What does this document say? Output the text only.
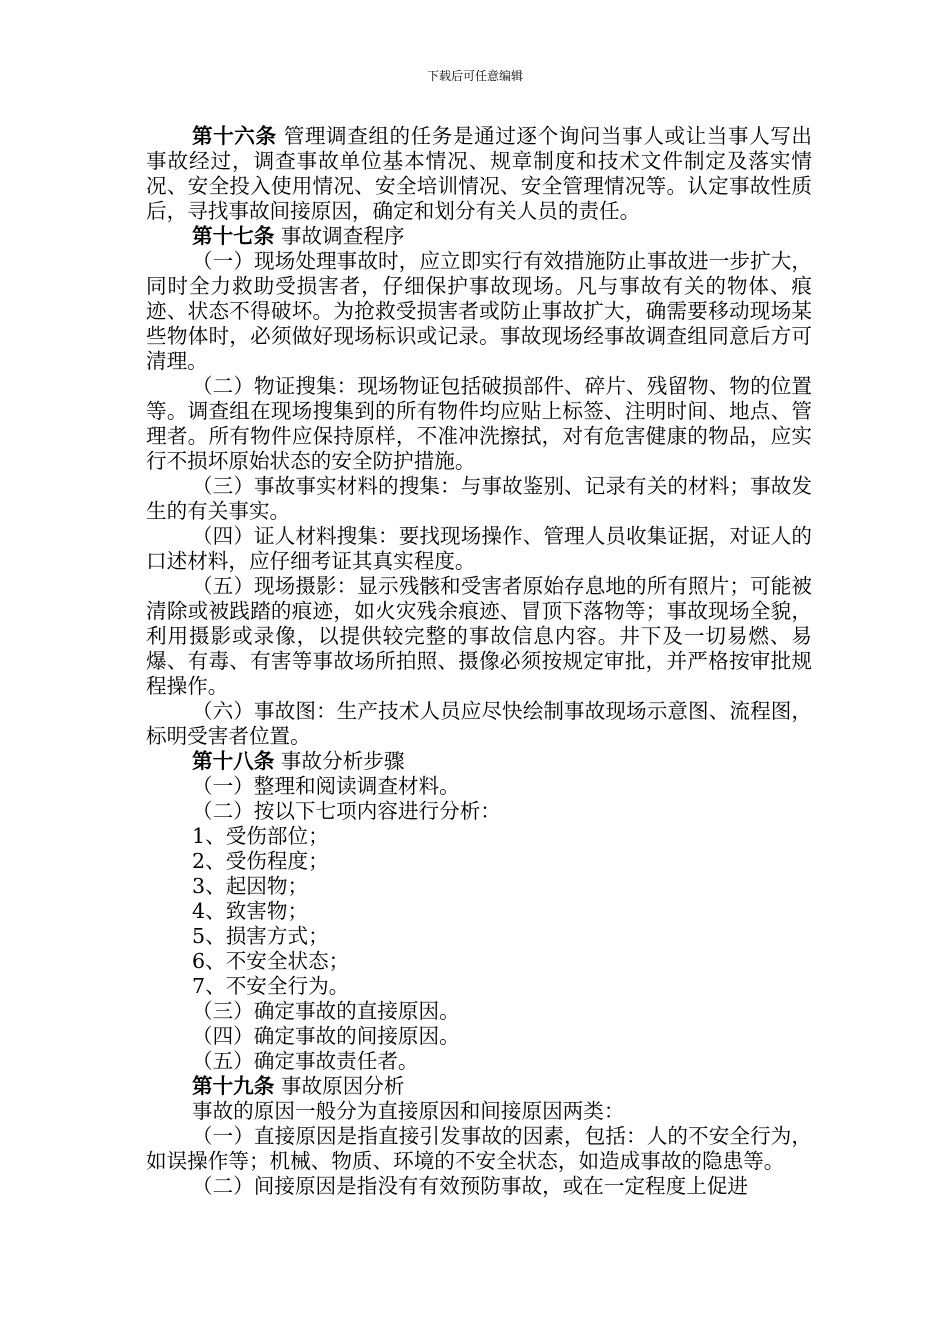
下载后可任意编辑

第十六条 管理调查组的任务是通过逐个询问当事人或让当事人写出事故经过，调查事故单位基本情况、规章制度和技术文件制定及落实情况、安全投入使用情况、安全培训情况、安全管理情况等。认定事故性质后，寻找事故间接原因，确定和划分有关人员的责任。

第十七条 事故调查程序

（一）现场处理事故时，应立即实行有效措施防止事故进一步扩大，同时全力救助受损害者，仔细保护事故现场。凡与事故有关的物体、痕迹、状态不得破坏。为抢救受损害者或防止事故扩大，确需要移动现场某些物体时，必须做好现场标识或记录。事故现场经事故调查组同意后方可清理。

（二）物证搜集：现场物证包括破损部件、碎片、残留物、物的位置等。调查组在现场搜集到的所有物件均应贴上标签、注明时间、地点、管理者。所有物件应保持原样，不准冲洗擦拭，对有危害健康的物品，应实行不损坏原始状态的安全防护措施。

（三）事故事实材料的搜集：与事故鉴别、记录有关的材料；事故发生的有关事实。

（四）证人材料搜集：要找现场操作、管理人员收集证据，对证人的口述材料，应仔细考证其真实程度。

（五）现场摄影：显示残骸和受害者原始存息地的所有照片；可能被清除或被践踏的痕迹，如火灾残余痕迹、冒顶下落物等；事故现场全貌，利用摄影或录像，以提供较完整的事故信息内容。井下及一切易燃、易爆、有毒、有害等事故场所拍照、摄像必须按规定审批，并严格按审批规程操作。

（六）事故图：生产技术人员应尽快绘制事故现场示意图、流程图，标明受害者位置。

第十八条 事故分析步骤

（一）整理和阅读调查材料。

（二）按以下七项内容进行分析：

1、受伤部位；

2、受伤程度；

3、起因物；

4、致害物；

5、损害方式；

6、不安全状态；

7、不安全行为。

（三）确定事故的直接原因。

（四）确定事故的间接原因。

（五）确定事故责任者。

第十九条 事故原因分析

事故的原因一般分为直接原因和间接原因两类：

（一）直接原因是指直接引发事故的因素，包括：人的不安全行为，如误操作等；机械、物质、环境的不安全状态，如造成事故的隐患等。

（二）间接原因是指没有有效预防事故，或在一定程度上促进
